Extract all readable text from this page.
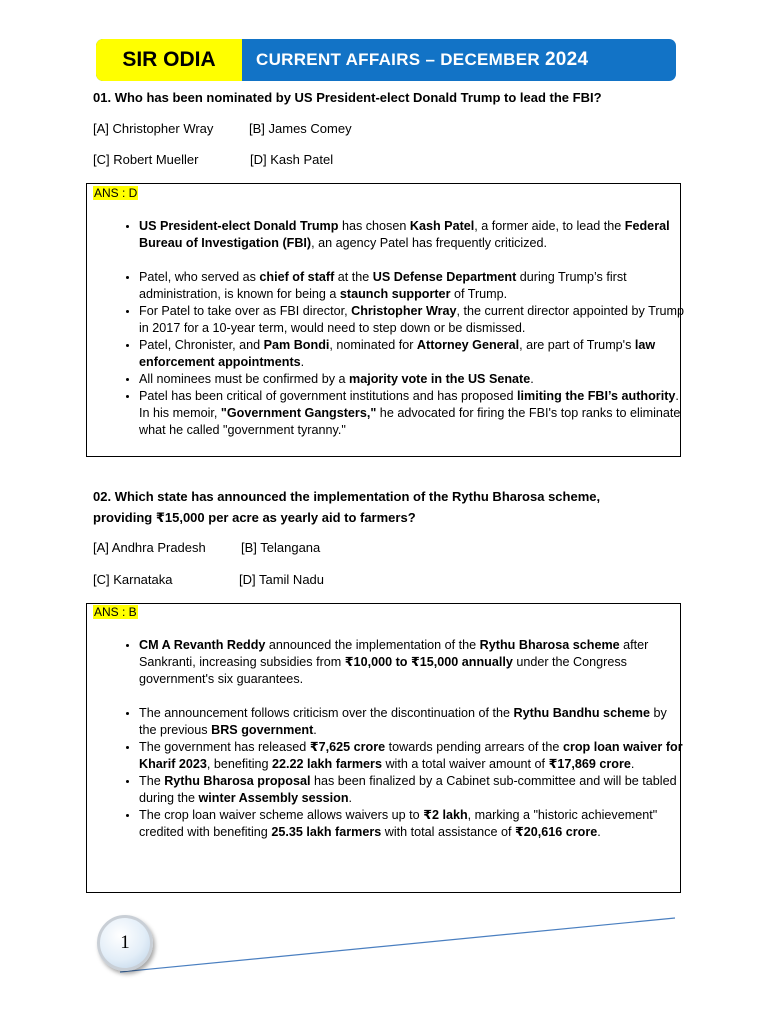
SIR ODIA	CURRENT AFFAIRS – DECEMBER 2024
01. Who has been nominated by US President-elect Donald Trump to lead the FBI?
[A] Christopher Wray	[B] James Comey
[C] Robert Mueller	[D] Kash Patel
ANS : D
• US President-elect Donald Trump has chosen Kash Patel, a former aide, to lead the Federal Bureau of Investigation (FBI), an agency Patel has frequently criticized.
• Patel, who served as chief of staff at the US Defense Department during Trump’s first administration, is known for being a staunch supporter of Trump.
• For Patel to take over as FBI director, Christopher Wray, the current director appointed by Trump in 2017 for a 10-year term, would need to step down or be dismissed.
• Patel, Chronister, and Pam Bondi, nominated for Attorney General, are part of Trump's law enforcement appointments.
• All nominees must be confirmed by a majority vote in the US Senate.
• Patel has been critical of government institutions and has proposed limiting the FBI’s authority. In his memoir, "Government Gangsters," he advocated for firing the FBI's top ranks to eliminate what he called "government tyranny."
02. Which state has announced the implementation of the Rythu Bharosa scheme, providing ₹15,000 per acre as yearly aid to farmers?
[A] Andhra Pradesh	[B] Telangana
[C] Karnataka	[D] Tamil Nadu
ANS : B
• CM A Revanth Reddy announced the implementation of the Rythu Bharosa scheme after Sankranti, increasing subsidies from ₹10,000 to ₹15,000 annually under the Congress government's six guarantees.
• The announcement follows criticism over the discontinuation of the Rythu Bandhu scheme by the previous BRS government.
• The government has released ₹7,625 crore towards pending arrears of the crop loan waiver for Kharif 2023, benefiting 22.22 lakh farmers with a total waiver amount of ₹17,869 crore.
• The Rythu Bharosa proposal has been finalized by a Cabinet sub-committee and will be tabled during the winter Assembly session.
• The crop loan waiver scheme allows waivers up to ₹2 lakh, marking a "historic achievement" credited with benefiting 25.35 lakh farmers with total assistance of ₹20,616 crore.
1
